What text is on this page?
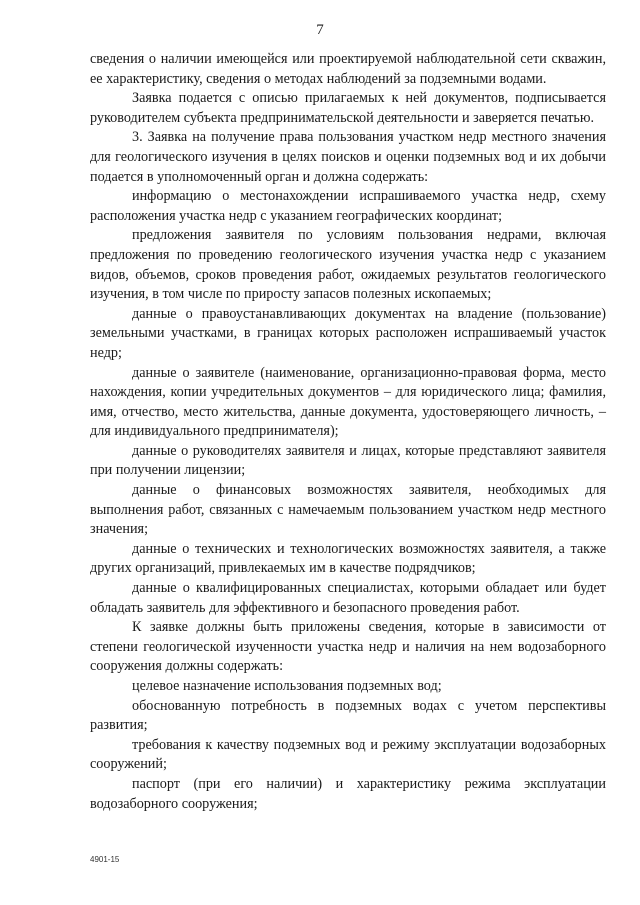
7

сведения о наличии имеющейся или проектируемой наблюдательной сети скважин, ее характеристику, сведения о методах наблюдений за подземными водами.

Заявка подается с описью прилагаемых к ней документов, подписывается руководителем субъекта предпринимательской деятельности и заверяется печатью.

3. Заявка на получение права пользования участком недр местного значения для геологического изучения в целях поисков и оценки подземных вод и их добычи подается в уполномоченный орган и должна содержать:

информацию о местонахождении испрашиваемого участка недр, схему расположения участка недр с указанием географических координат;

предложения заявителя по условиям пользования недрами, включая предложения по проведению геологического изучения участка недр с указанием видов, объемов, сроков проведения работ, ожидаемых результатов геологического изучения, в том числе по приросту запасов полезных ископаемых;

данные о правоустанавливающих документах на владение (пользование) земельными участками, в границах которых расположен испрашиваемый участок недр;

данные о заявителе (наименование, организационно-правовая форма, место нахождения, копии учредительных документов – для юридического лица; фамилия, имя, отчество, место жительства, данные документа, удостоверяющего личность, – для индивидуального предпринимателя);

данные о руководителях заявителя и лицах, которые представляют заявителя при получении лицензии;

данные о финансовых возможностях заявителя, необходимых для выполнения работ, связанных с намечаемым пользованием участком недр местного значения;

данные о технических и технологических возможностях заявителя, а также других организаций, привлекаемых им в качестве подрядчиков;

данные о квалифицированных специалистах, которыми обладает или будет обладать заявитель для эффективного и безопасного проведения работ.

К заявке должны быть приложены сведения, которые в зависимости от степени геологической изученности участка недр и наличия на нем водозаборного сооружения должны содержать:

целевое назначение использования подземных вод;

обоснованную потребность в подземных водах с учетом перспективы развития;

требования к качеству подземных вод и режиму эксплуатации водозаборных сооружений;

паспорт (при его наличии) и характеристику режима эксплуатации водозаборного сооружения;

4901-15
